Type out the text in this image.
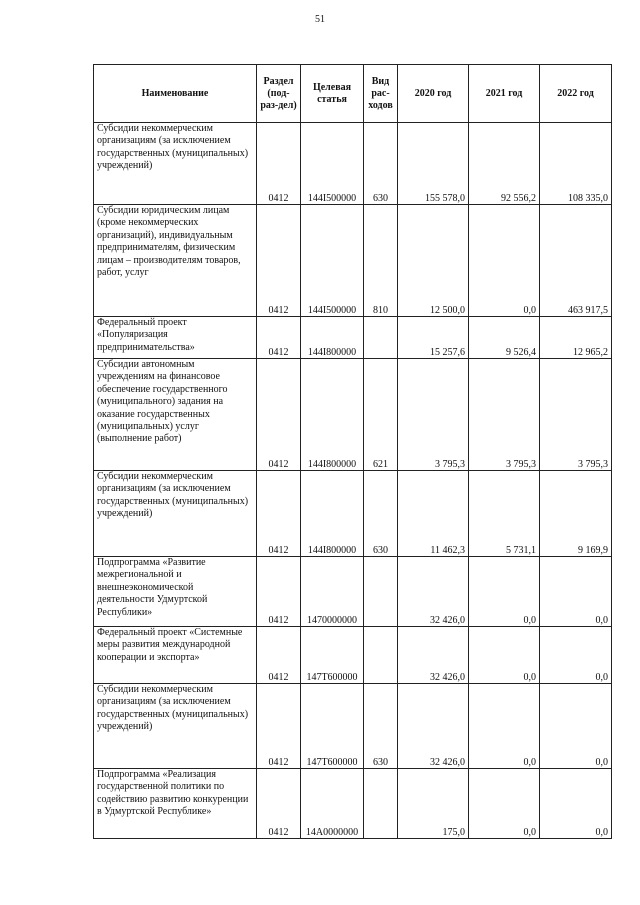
51
Наименование	Раздел (под-раз-дел)	Целевая статья	Вид рас-ходов	2020 год	2021 год	2022 год
Субсидии некоммерческим организациям (за исключением государственных (муниципальных) учреждений)	0412	144I500000	630	155 578,0	92 556,2	108 335,0
Субсидии юридическим лицам (кроме некоммерческих организаций), индивидуальным предпринимателям, физическим лицам – производителям товаров, работ, услуг	0412	144I500000	810	12 500,0	0,0	463 917,5
Федеральный проект «Популяризация предпринимательства»	0412	144I800000		15 257,6	9 526,4	12 965,2
Субсидии автономным учреждениям на финансовое обеспечение государственного (муниципального) задания на оказание государственных (муниципальных) услуг (выполнение работ)	0412	144I800000	621	3 795,3	3 795,3	3 795,3
Субсидии некоммерческим организациям (за исключением государственных (муниципальных) учреждений)	0412	144I800000	630	11 462,3	5 731,1	9 169,9
Подпрограмма «Развитие межрегиональной и внешнеэкономической деятельности Удмуртской Республики»	0412	1470000000		32 426,0	0,0	0,0
Федеральный проект «Системные меры развития международной кооперации и экспорта»	0412	147T600000		32 426,0	0,0	0,0
Субсидии некоммерческим организациям (за исключением государственных (муниципальных) учреждений)	0412	147T600000	630	32 426,0	0,0	0,0
Подпрограмма «Реализация государственной политики по содействию развитию конкуренции в Удмуртской Республике»	0412	14A0000000		175,0	0,0	0,0
